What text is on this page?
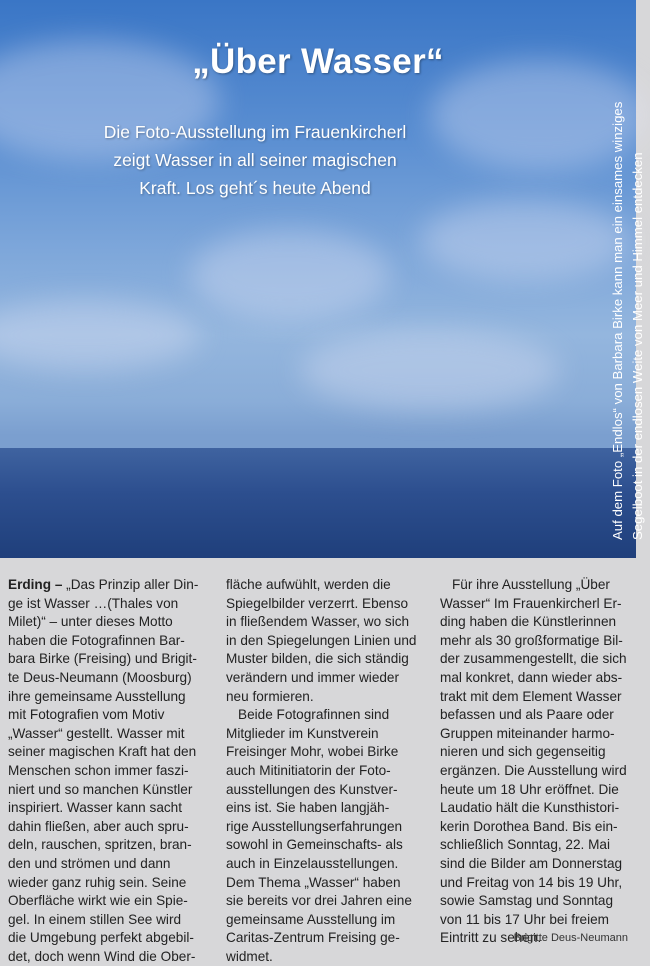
„Über Wasser“
Die Foto-Ausstellung im Frauenkircherl
zeigt Wasser in all seiner magischen
Kraft. Los geht´s heute Abend	Auf dem Foto „Endlos“ von Barbara Birke kann man ein einsames winziges Segelboot in der endlosen Weite von Meer und Himmel entdecken
Erding – „Das Prinzip aller Din-
ge ist Wasser …(Thales von
Milet)“ – unter dieses Motto
haben die Fotografinnen Bar-
bara Birke (Freising) und Brigit-
te Deus-Neumann (Moosburg)
ihre gemeinsame Ausstellung
mit Fotografien vom Motiv
„Wasser“ gestellt. Wasser mit
seiner magischen Kraft hat den
Menschen schon immer faszi-
niert und so manchen Künstler
inspiriert. Wasser kann sacht
dahin fließen, aber auch spru-
deln, rauschen, spritzen, bran-
den und strömen und dann
wieder ganz ruhig sein. Seine
Oberfläche wirkt wie ein Spie-
gel. In einem stillen See wird
die Umgebung perfekt abgebil-
det, doch wenn Wind die Ober-
fläche aufwühlt, werden die
Spiegelbilder verzerrt. Ebenso
in fließendem Wasser, wo sich
in den Spiegelungen Linien und
Muster bilden, die sich ständig
verändern und immer wieder
neu formieren.
Beide Fotografinnen sind
Mitglieder im Kunstverein
Freisinger Mohr, wobei Birke
auch Mitinitiatorin der Foto-
ausstellungen des Kunstver-
eins ist. Sie haben langjäh-
rige Ausstellungserfahrungen
sowohl in Gemeinschafts- als
auch in Einzelausstellungen.
Dem Thema „Wasser“ haben
sie bereits vor drei Jahren eine
gemeinsame Ausstellung im
Caritas-Zentrum Freising ge-
widmet.
Für ihre Ausstellung „Über
Wasser“ Im Frauenkircherl Er-
ding haben die Künstlerinnen
mehr als 30 großformatige Bil-
der zusammengestellt, die sich
mal konkret, dann wieder abs-
trakt mit dem Element Wasser
befassen und als Paare oder
Gruppen miteinander harmo-
nieren und sich gegenseitig
ergänzen. Die Ausstellung wird
heute um 18 Uhr eröffnet. Die
Laudatio hält die Kunsthistori-
kerin Dorothea Band. Bis ein-
schließlich Sonntag, 22. Mai
sind die Bilder am Donnerstag
und Freitag von 14 bis 19 Uhr,
sowie Samstag und Sonntag
von 11 bis 17 Uhr bei freiem
Eintritt zu sehen.
Brigitte Deus-Neumann
